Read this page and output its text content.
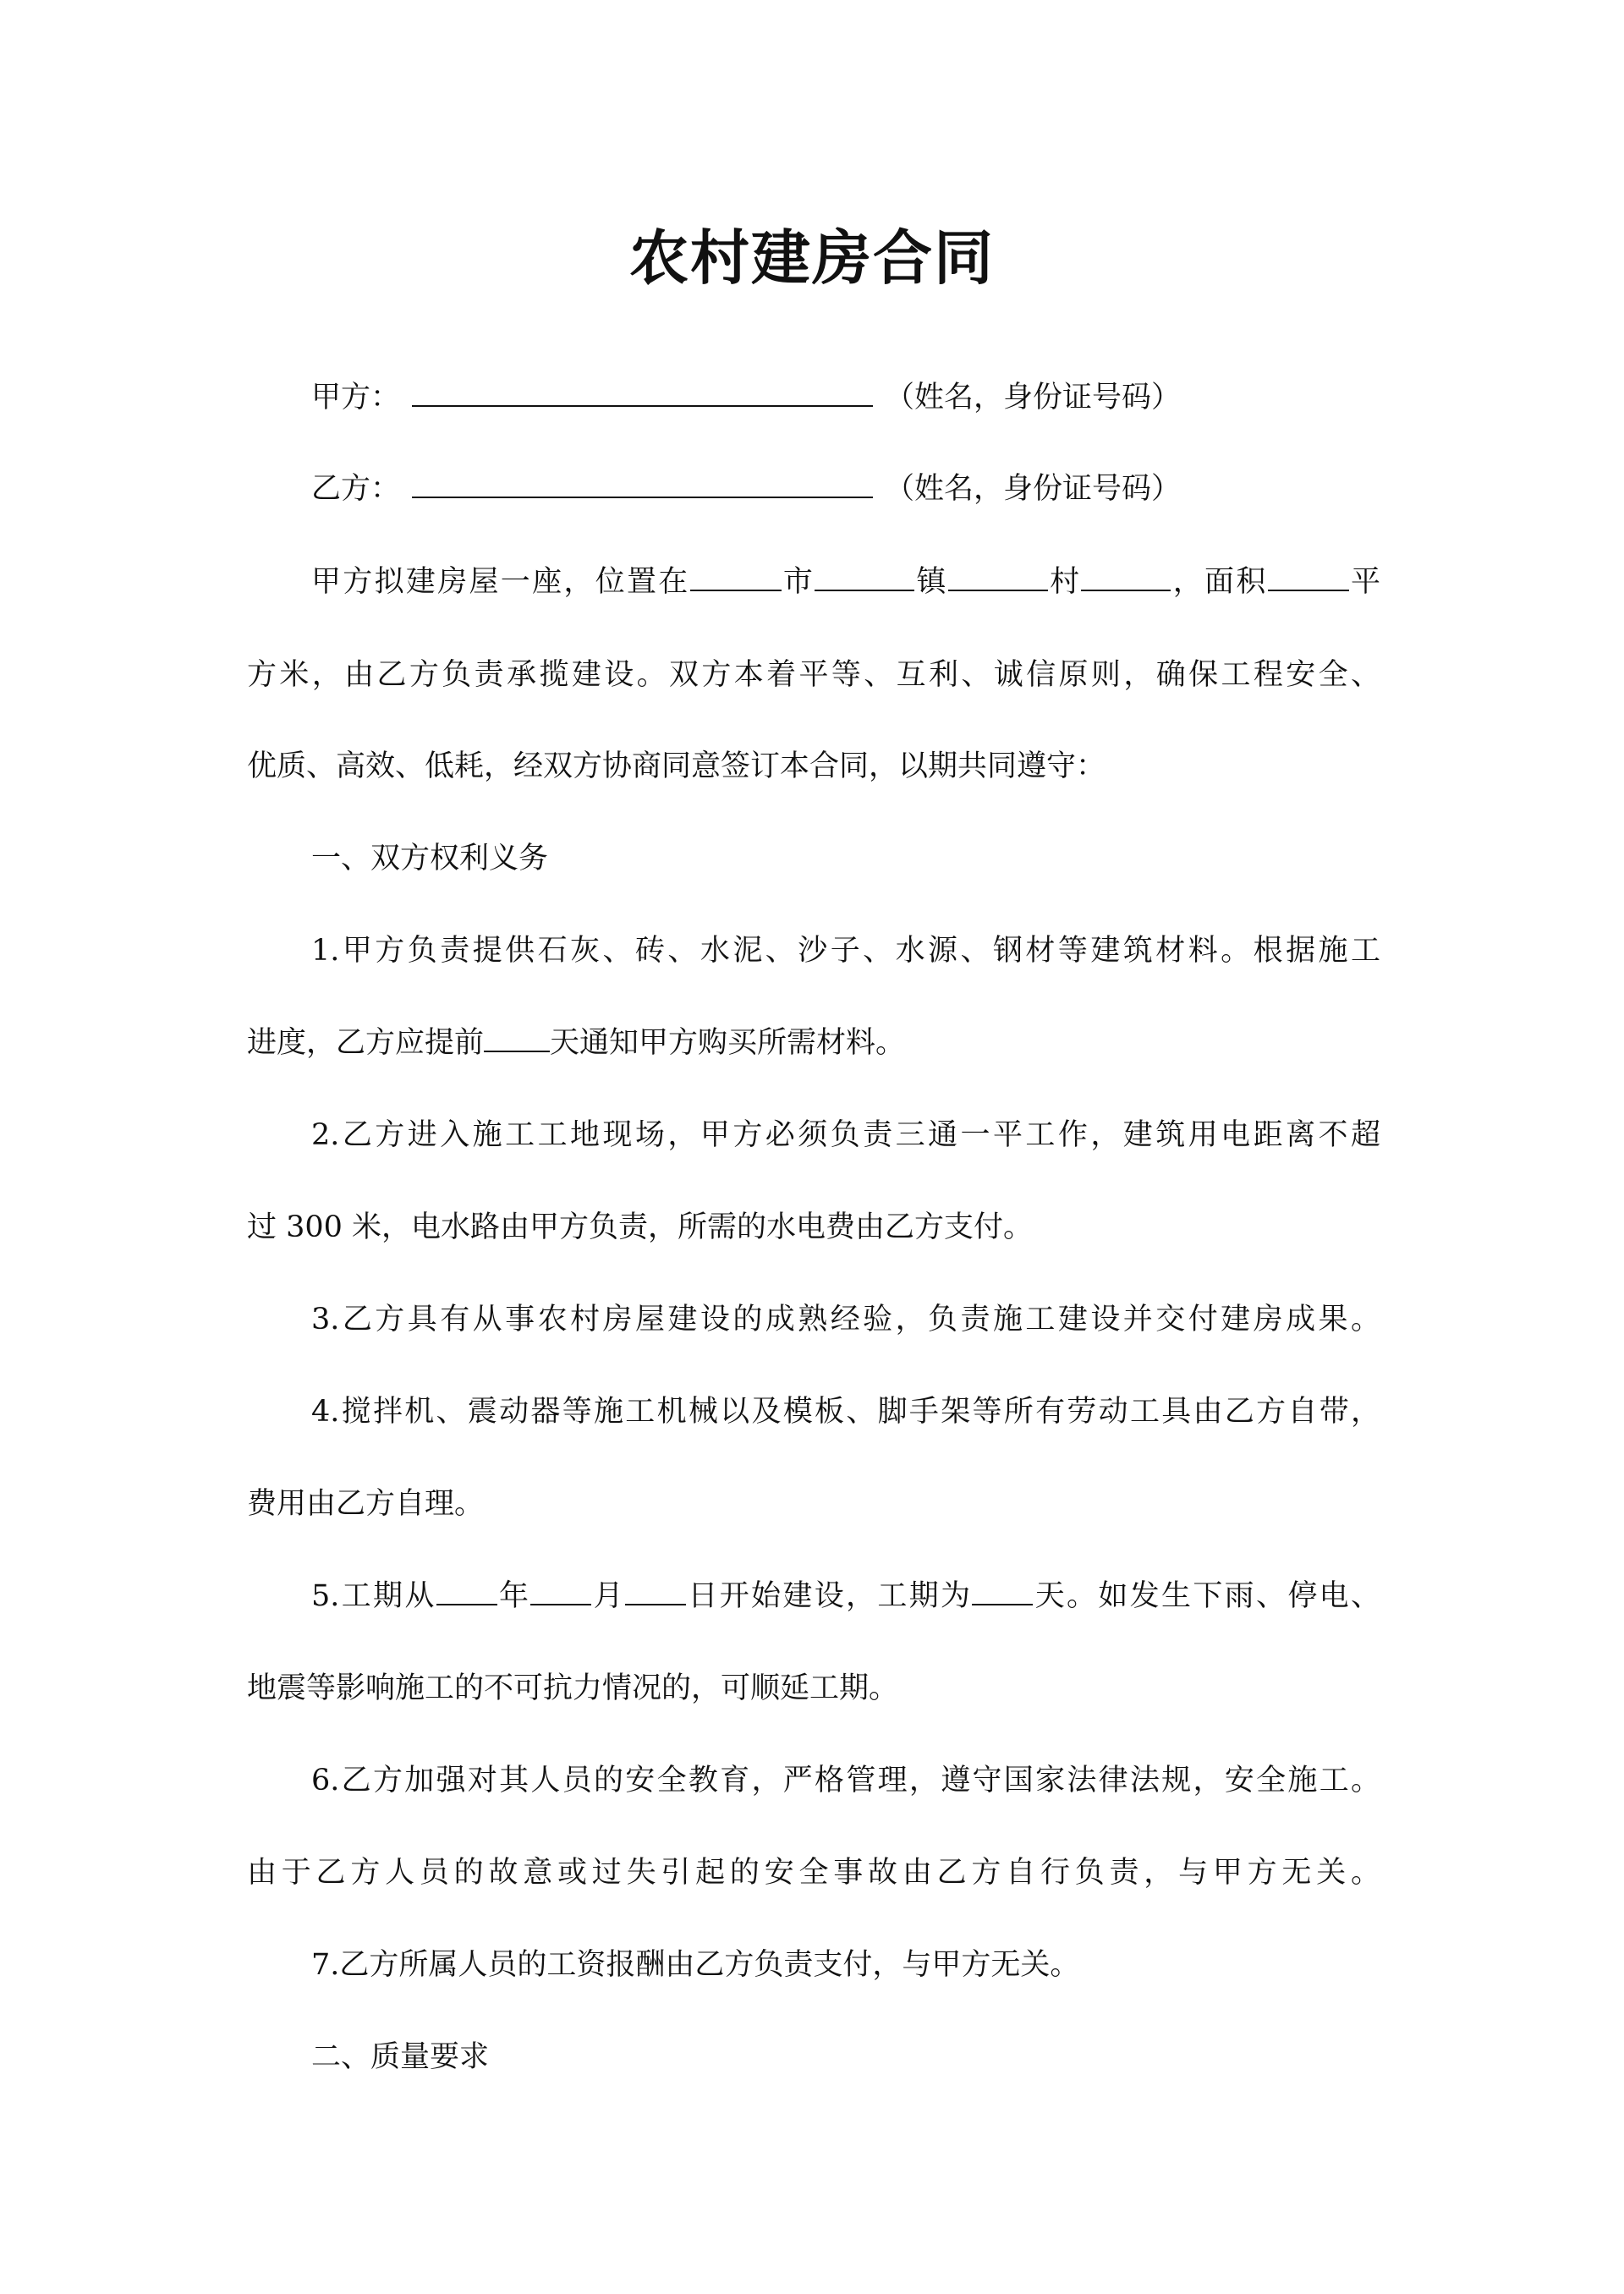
农村建房合同
甲方：	（姓名，身份证号码）
乙方：	（姓名，身份证号码）
甲方拟建房屋一座，位置在	市	镇	村	，面积	平
方米，由乙方负责承揽建设。双方本着平等、互利、诚信原则，确保工程安全、
优质、高效、低耗，经双方协商同意签订本合同，以期共同遵守：
一、双方权利义务
1.甲方负责提供石灰、砖、水泥、沙子、水源、钢材等建筑材料。根据施工
进度，乙方应提前 天通知甲方购买所需材料。
2.乙方进入施工工地现场，甲方必须负责三通一平工作，建筑用电距离不超
过 300 米，电水路由甲方负责，所需的水电费由乙方支付。
3.乙方具有从事农村房屋建设的成熟经验，负责施工建设并交付建房成果。
4.搅拌机、震动器等施工机械以及模板、脚手架等所有劳动工具由乙方自带，
费用由乙方自理。
5.工期从 年 月 日开始建设，工期为 天。如发生下雨、停电、
地震等影响施工的不可抗力情况的，可顺延工期。
6.乙方加强对其人员的安全教育，严格管理，遵守国家法律法规，安全施工。
由于乙方人员的故意或过失引起的安全事故由乙方自行负责，与甲方无关。
7.乙方所属人员的工资报酬由乙方负责支付，与甲方无关。
二、质量要求
